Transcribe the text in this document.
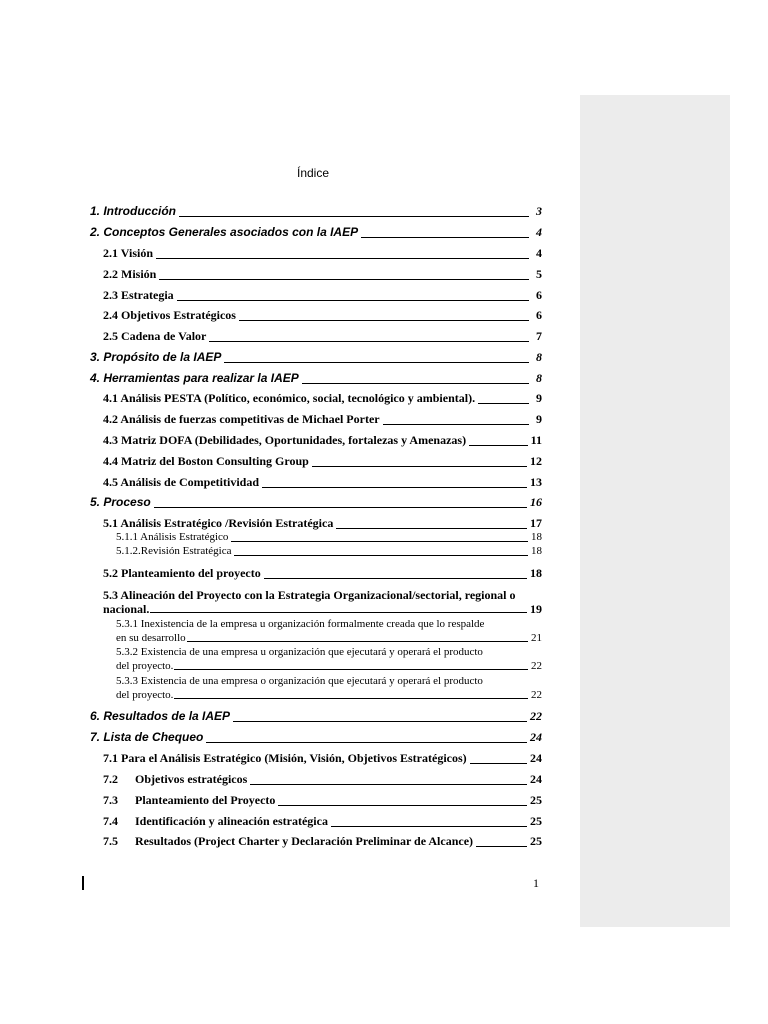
Índice
1. Introducción	3
2. Conceptos Generales asociados con la IAEP	4
2.1 Visión	4
2.2 Misión	5
2.3 Estrategia	6
2.4 Objetivos Estratégicos	6
2.5 Cadena de Valor	7
3. Propósito de la IAEP	8
4. Herramientas para realizar la IAEP	8
4.1 Análisis PESTA (Político, económico, social, tecnológico y ambiental).	9
4.2 Análisis de fuerzas competitivas de Michael Porter	9
4.3 Matriz DOFA (Debilidades, Oportunidades, fortalezas y Amenazas)	11
4.4 Matriz del Boston Consulting Group	12
4.5 Análisis de Competitividad	13
5. Proceso	16
5.1 Análisis Estratégico /Revisión Estratégica	17
5.1.1 Análisis Estratégico	18
5.1.2.Revisión Estratégica	18
5.2 Planteamiento del proyecto	18
5.3 Alineación del Proyecto con la Estrategia Organizacional/sectorial, regional o
nacional.	19
5.3.1 Inexistencia de la empresa u organización formalmente creada que lo respalde
en su desarrollo	21
5.3.2 Existencia de una empresa u organización que ejecutará y operará el producto
del proyecto.	22
5.3.3 Existencia de una empresa o organización que ejecutará y operará el producto
del proyecto.	22
6. Resultados de la IAEP	22
7. Lista de Chequeo	24
7.1 Para el Análisis Estratégico (Misión, Visión, Objetivos Estratégicos)	24
7.2 Objetivos estratégicos	24
7.3 Planteamiento del Proyecto	25
7.4 Identificación y alineación estratégica	25
7.5 Resultados (Project Charter y Declaración Preliminar de Alcance)	25
1
